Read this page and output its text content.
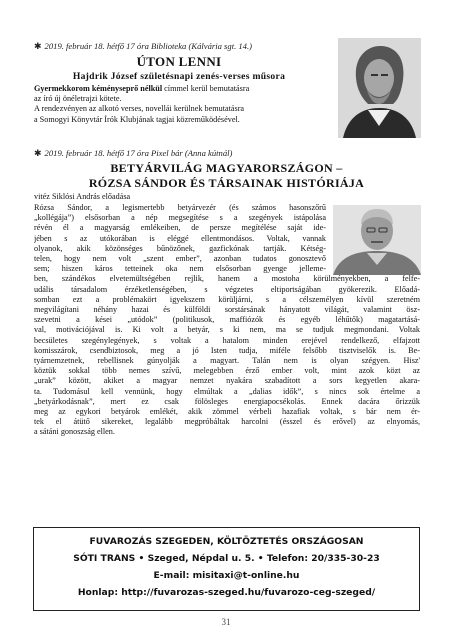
✱ 2019. február 18. hétfő 17 óra Biblioteka (Kálvária sgt. 14.)
ÚTON LENNI
Hajdrik József születésnapi zenés-verses műsora
Gyermekkorom kéményseprő nélkül címmel kerül bemutatásra
az író új önéletrajzi kötete.
A rendezvényen az alkotó verses, novellái kerülnek bemutatásra
a Somogyi Könyvtár Írók Klubjának tagjai közreműködésével.
✱ 2019. február 18. hétfő 17 óra Pixel bár (Anna kútnál)
BETYÁRVILÁG MAGYARORSZÁGON –
RÓZSA SÁNDOR ÉS TÁRSAINAK HISTÓRIÁJA
vitéz Siklósi András előadása
Rózsa Sándor, a legismertebb betyárvezér (és számos hasonszőrű
„kollégája”) elsősorban a nép megsegítése s a szegények istápolása
révén él a magyarság emlékeiben, de persze megítélése saját ide-
jében s az utókorában is eléggé ellentmondásos. Voltak, vannak
olyanok, akik közönséges bűnözőnek, gazfickónak tartják. Kétség-
telen, hogy nem volt „szent ember”, azonban tudatos gonosztevő
sem; hiszen káros tetteinek oka nem elsősorban gyenge jelleme-
ben, szándékos elvetemültségében rejlik, hanem a mostoha körülményekben, a felfe-
udális társadalom érzéketlenségében, s végzetes eltiportságában gyökerezik. Előadá-
somban ezt a problémakört igyekszem körüljárni, s a célszemélyen kívül szeretném
megvilágítani néhány hazai és külföldi sorstársának hányatott világát, valamint ösz-
szevetni a kései „utódok” (politikusok, maffiózók és egyéb léhűtők) magatartásá-
val, motivációjával is. Ki volt a betyár, s ki nem, ma se tudjuk megmondani. Voltak
becsületes szegénylegények, s voltak a hatalom minden erejével rendelkező, elfajzott
komisszárok, csendbiztosok, meg a jó Isten tudja, miféle felsőbb tisztviselők is. Be-
tyárnemzetnek, rebellisnek gúnyolják a magyart. Talán nem is olyan szégyen. Hisz'
köztük sokkal több nemes szívű, melegebben érző ember volt, mint azok közt az
„urak” között, akiket a magyar nemzet nyakára szabadított a sors kegyetlen akara-
ta. Tudomásul kell vennünk, hogy elmúltak a „dalias idők”, s nincs sok értelme a
„betyárkodásnak”, mert ez csak fölösleges energiapocsékolás. Ennek dacára őrizzük
meg az egykori betyárok emlékét, akik zömmel vérbeli hazafiak voltak, s bár nem ér-
tek el átütő sikereket, legalább megpróbáltak harcolni (ésszel és erővel) az elnyomás,
a sátáni gonoszság ellen.
FUVAROZÁS SZEGEDEN, KÖLTÖZTETÉS ORSZÁGOSAN
SÓTI TRANS • Szeged, Népdal u. 5. • Telefon: 20/335-30-23
E-mail: misitaxi@t-online.hu
Honlap: http://fuvarozas-szeged.hu/fuvarozo-ceg-szeged/
31
